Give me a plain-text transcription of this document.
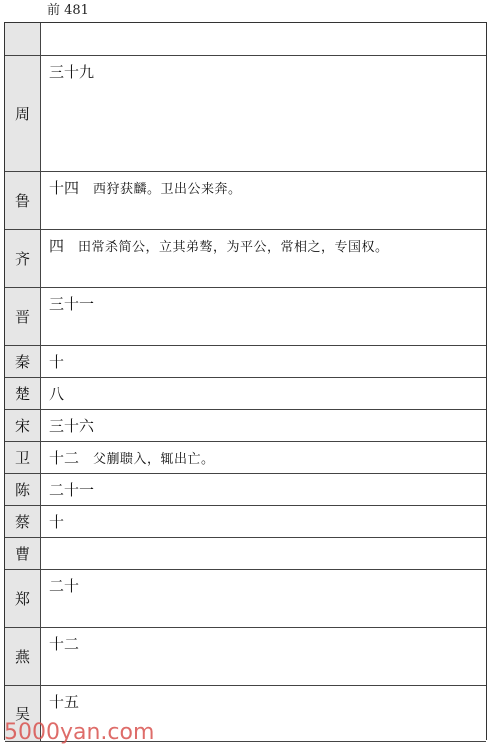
前 481

周	三十九
鲁	十四 西狩获麟。卫出公来奔。
齐	四 田常杀简公，立其弟骜，为平公，常相之，专国权。
晋	三十一
秦	十
楚	八
宋	三十六
卫	十二 父蒯聩入，辄出亡。
陈	二十一
蔡	十
曹	
郑	二十
燕	十二
吴	十五
5000yan.com
